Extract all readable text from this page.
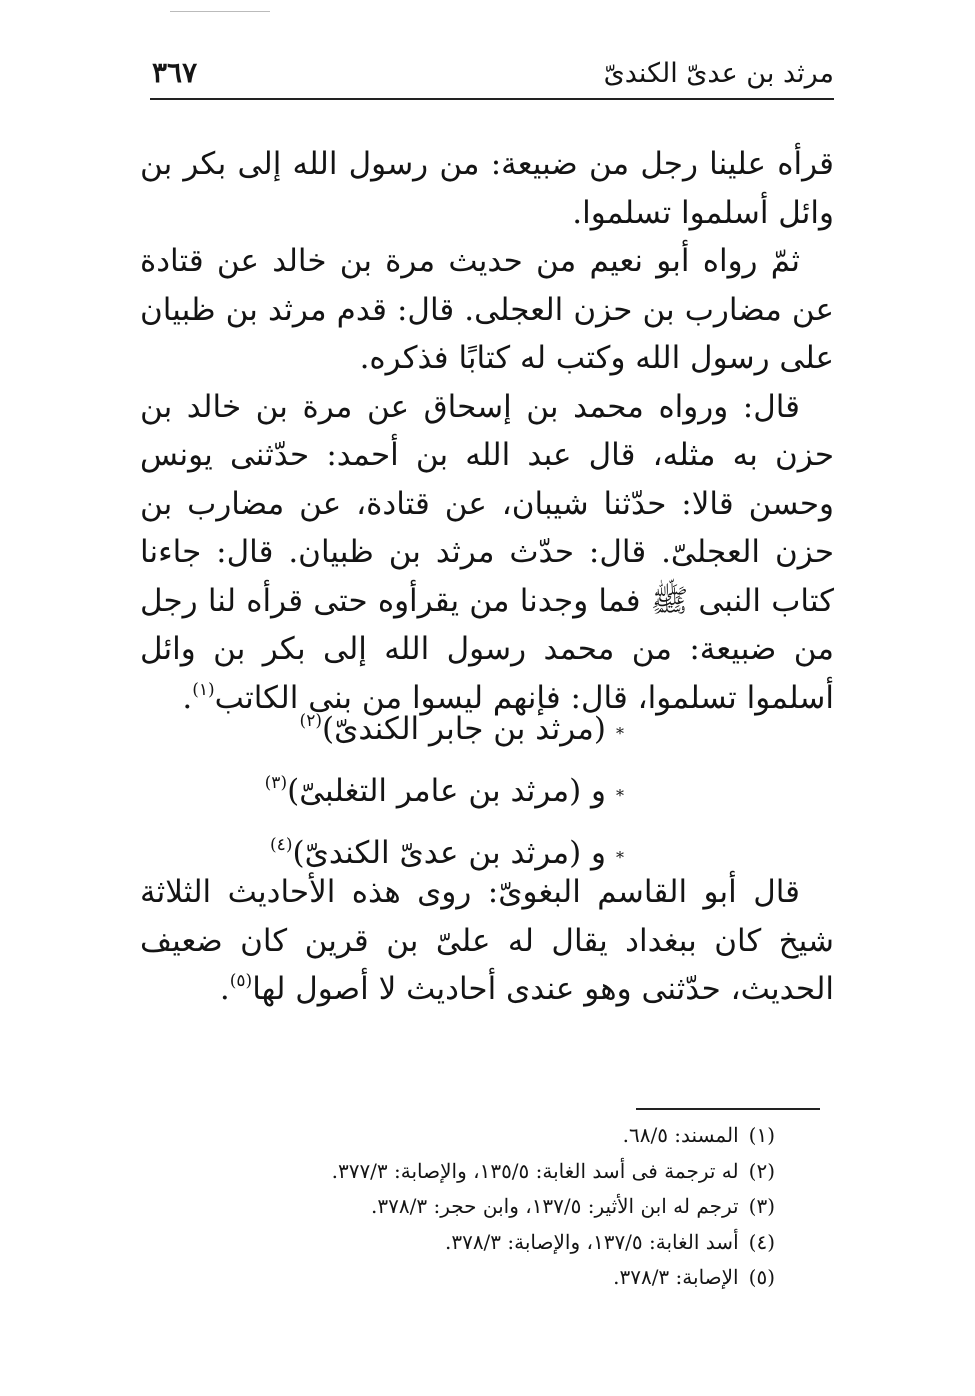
مرثد بن عدىّ الكندىّ
٣٦٧

قرأه علينا رجل من ضبيعة: من رسول الله إلى بكر بن وائل أسلموا تسلموا.

ثمّ رواه أبو نعيم من حديث مرة بن خالد عن قتادة عن مضارب بن حزن العجلى. قال: قدم مرثد بن ظبيان على رسول الله وكتب له كتابًا فذكره.

قال: ورواه محمد بن إسحاق عن مرة بن خالد بن حزن به مثله، قال عبد الله بن أحمد: حدّثنى يونس وحسن قالا: حدّثنا شيبان، عن قتادة، عن مضارب بن حزن العجلىّ. قال: حدّث مرثد بن ظبيان. قال: جاءنا كتاب النبى ﷺ فما وجدنا من يقرأوه حتى قرأه لنا رجل من ضبيعة: من محمد رسول الله إلى بكر بن وائل أسلموا تسلموا، قال: فإنهم ليسوا من بنى الكاتب$^{(١)}$.

*(مرثد بن جابر الكندىّ)$^{(٢)}$
*و (مرثد بن عامر التغلبىّ)$^{(٣)}$
*و (مرثد بن عدىّ الكندىّ)$^{(٤)}$

قال أبو القاسم البغوىّ: روى هذه الأحاديث الثلاثة شيخ كان ببغداد يقال له علىّ بن قرين كان ضعيف الحديث، حدّثنى وهو عندى أحاديث لا أصول لها$^{(٥)}$.

(١)المسند: ٦٨/٥.
(٢)له ترجمة فى أسد الغابة: ١٣٥/٥، والإصابة: ٣٧٧/٣.
(٣)ترجم له ابن الأثير: ١٣٧/٥، وابن حجر: ٣٧٨/٣.
(٤)أسد الغابة: ١٣٧/٥، والإصابة: ٣٧٨/٣.
(٥)الإصابة: ٣٧٨/٣.
